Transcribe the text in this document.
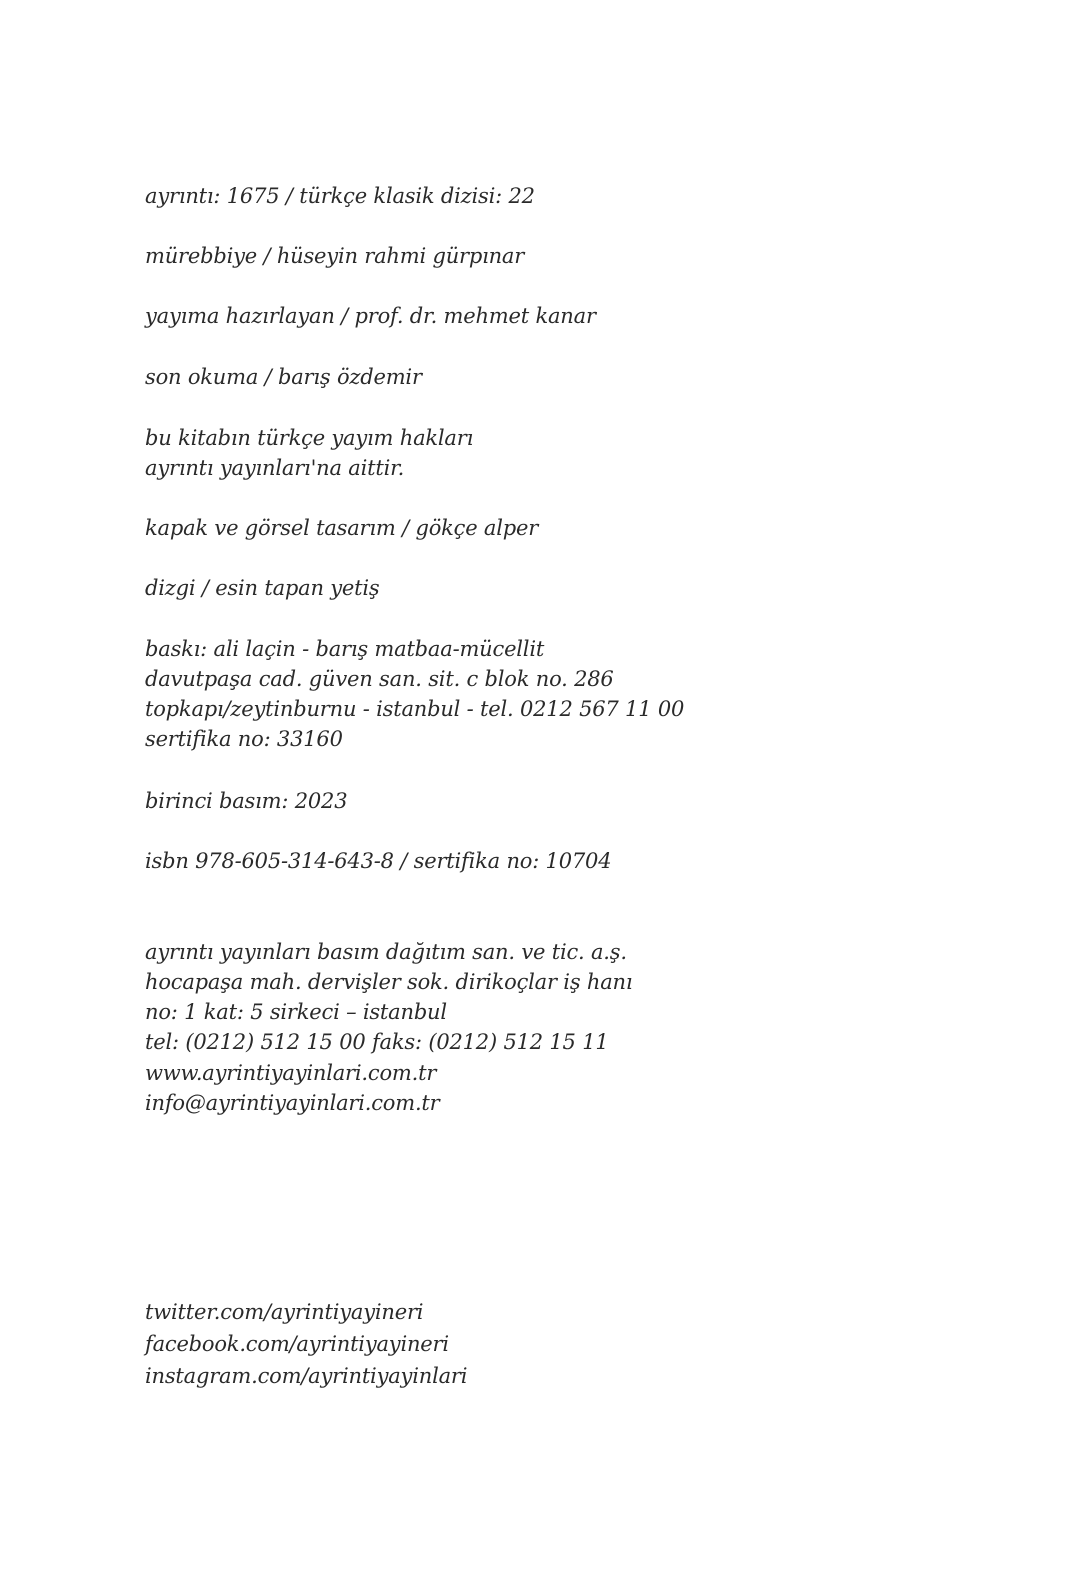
ayrıntı: 1675 / türkçe klasik dizisi: 22
mürebbiye / hüseyin rahmi gürpınar
yayıma hazırlayan / prof. dr. mehmet kanar
son okuma / barış özdemir
bu kitabın türkçe yayım hakları
ayrıntı yayınları'na aittir.
kapak ve görsel tasarım / gökçe alper
dizgi / esin tapan yetiş
baskı: ali laçin - barış matbaa-mücellit
davutpaşa cad. güven san. sit. c blok no. 286
topkapı/zeytinburnu - istanbul - tel. 0212 567 11 00
sertifika no: 33160
birinci basım: 2023
isbn 978-605-314-643-8 / sertifika no: 10704
ayrıntı yayınları basım dağıtım san. ve tic. a.ş.
hocapaşa mah. dervişler sok. dirikoçlar iş hanı
no: 1 kat: 5 sirkeci – istanbul
tel: (0212) 512 15 00 faks: (0212) 512 15 11
www.ayrintiyayinlari.com.tr
info@ayrintiyayinlari.com.tr
twitter.com/ayrintiyayineri
facebook.com/ayrintiyayineri
instagram.com/ayrintiyayinlari
